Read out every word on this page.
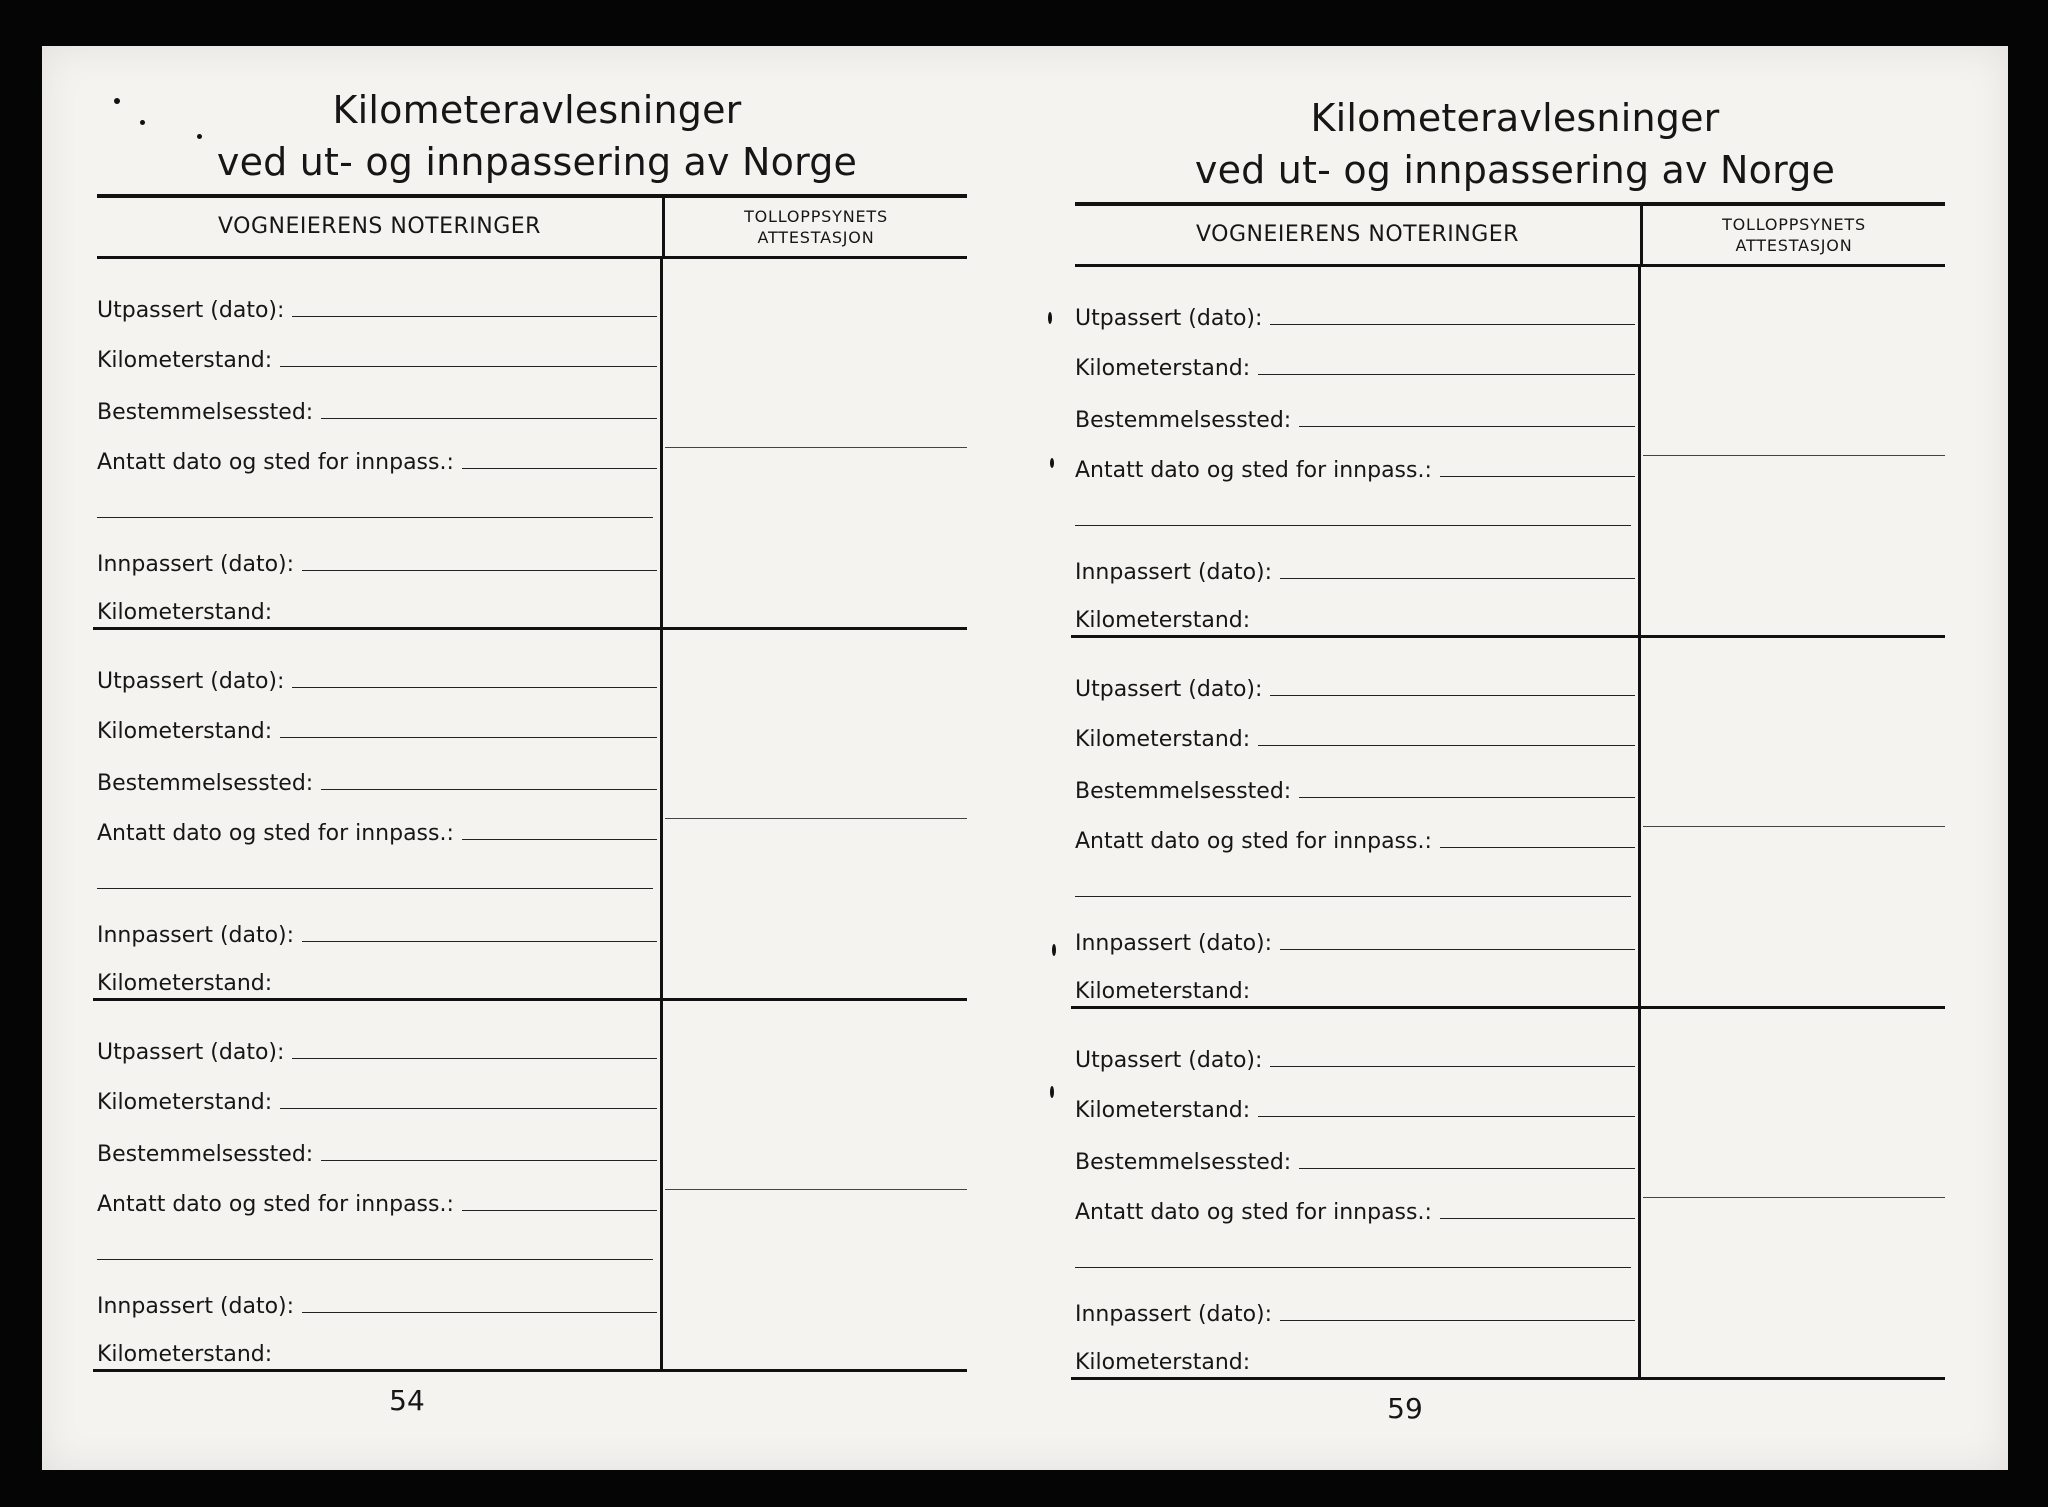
Kilometeravlesninger
ved ut- og innpassering av Norge
VOGNEIERENS NOTERINGER	TOLLOPPSYNETS
ATTESTASJON
Utpassert (dato):
Kilometerstand:
Bestemmelsessted:
Antatt dato og sted for innpass.:
Innpassert (dato):
Kilometerstand:
Utpassert (dato):
Kilometerstand:
Bestemmelsessted:
Antatt dato og sted for innpass.:
Innpassert (dato):
Kilometerstand:
Utpassert (dato):
Kilometerstand:
Bestemmelsessted:
Antatt dato og sted for innpass.:
Innpassert (dato):
Kilometerstand:
54
Kilometeravlesninger
ved ut- og innpassering av Norge
VOGNEIERENS NOTERINGER	TOLLOPPSYNETS
ATTESTASJON
Utpassert (dato):
Kilometerstand:
Bestemmelsessted:
Antatt dato og sted for innpass.:
Innpassert (dato):
Kilometerstand:
Utpassert (dato):
Kilometerstand:
Bestemmelsessted:
Antatt dato og sted for innpass.:
Innpassert (dato):
Kilometerstand:
Utpassert (dato):
Kilometerstand:
Bestemmelsessted:
Antatt dato og sted for innpass.:
Innpassert (dato):
Kilometerstand:
59
